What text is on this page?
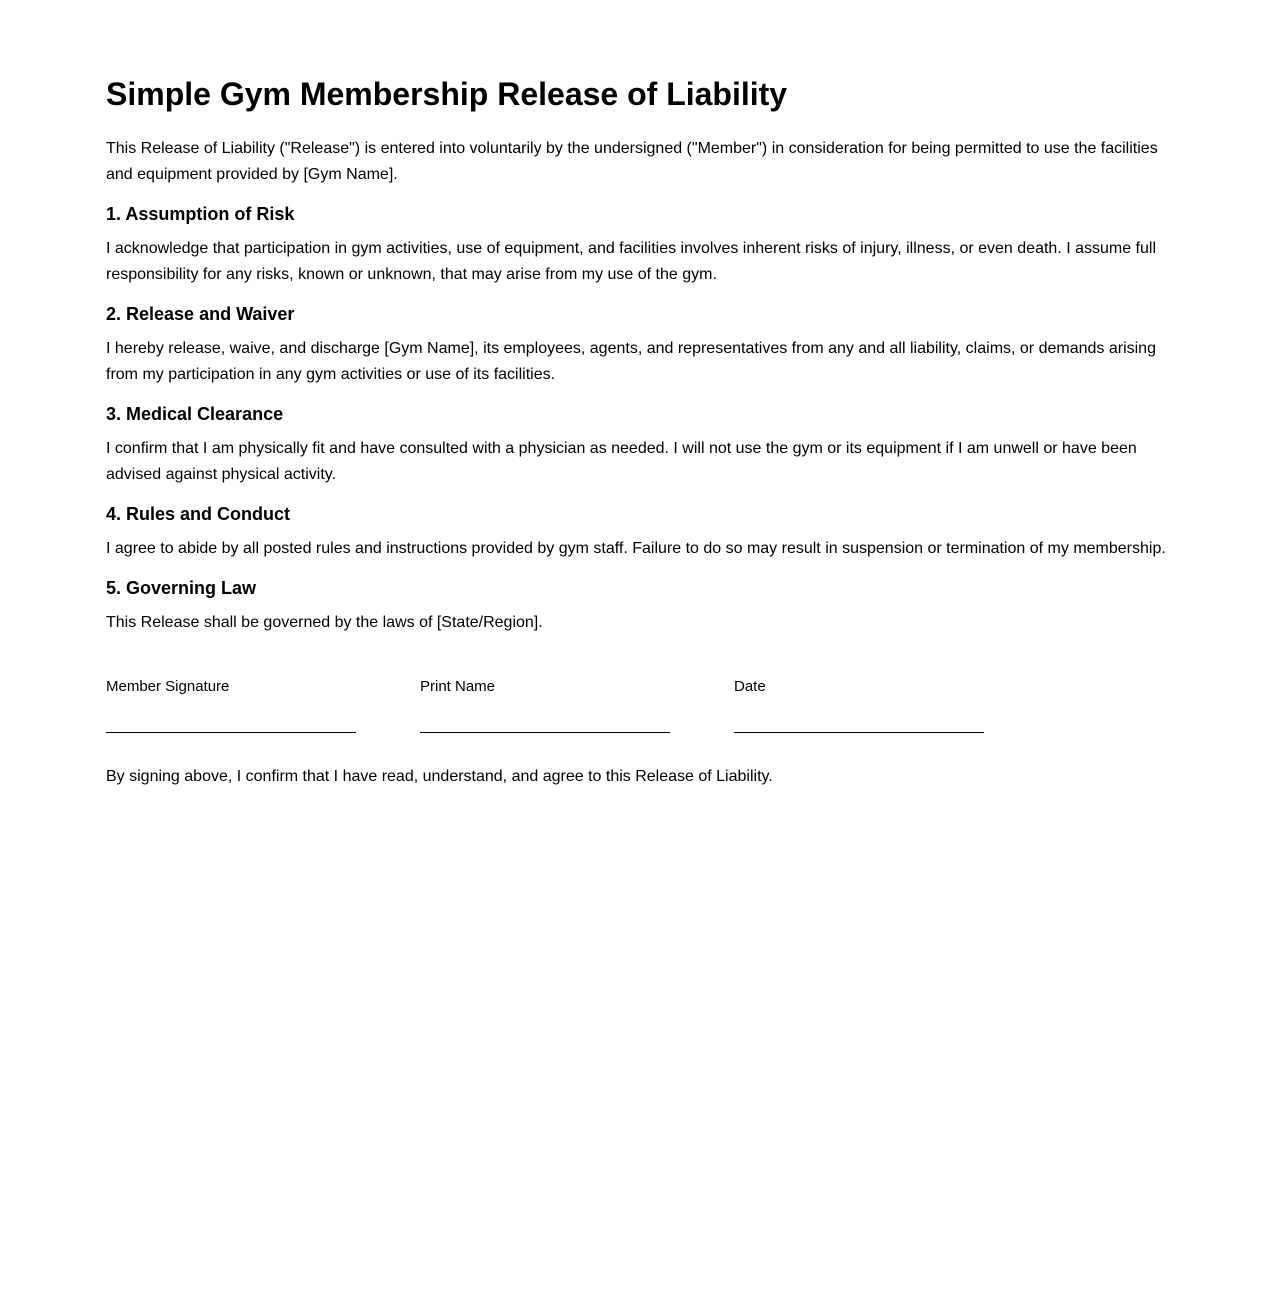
Simple Gym Membership Release of Liability

This Release of Liability ("Release") is entered into voluntarily by the undersigned ("Member") in consideration for being permitted to use the facilities and equipment provided by [Gym Name].

1. Assumption of Risk

I acknowledge that participation in gym activities, use of equipment, and facilities involves inherent risks of injury, illness, or even death. I assume full responsibility for any risks, known or unknown, that may arise from my use of the gym.

2. Release and Waiver

I hereby release, waive, and discharge [Gym Name], its employees, agents, and representatives from any and all liability, claims, or demands arising from my participation in any gym activities or use of its facilities.

3. Medical Clearance

I confirm that I am physically fit and have consulted with a physician as needed. I will not use the gym or its equipment if I am unwell or have been advised against physical activity.

4. Rules and Conduct

I agree to abide by all posted rules and instructions provided by gym staff. Failure to do so may result in suspension or termination of my membership.

5. Governing Law

This Release shall be governed by the laws of [State/Region].

Member Signature	Print Name	Date

By signing above, I confirm that I have read, understand, and agree to this Release of Liability.
